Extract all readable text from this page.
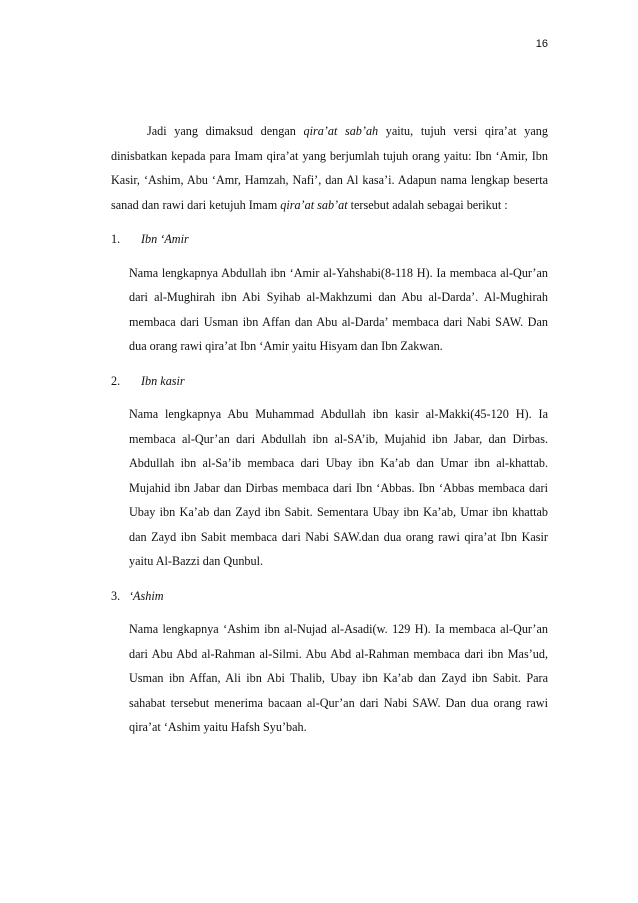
16

Jadi yang dimaksud dengan qira’at sab’ah yaitu, tujuh versi qira’at yang dinisbatkan kepada para Imam qira’at yang berjumlah tujuh orang yaitu: Ibn ‘Amir, Ibn Kasir, ‘Ashim, Abu ‘Amr, Hamzah, Nafi’, dan Al kasa’i. Adapun nama lengkap beserta sanad dan rawi dari ketujuh Imam qira’at sab’at tersebut adalah sebagai berikut :

1. Ibn ‘Amir

Nama lengkapnya Abdullah ibn ‘Amir al-Yahshabi(8-118 H). Ia membaca al-Qur’an dari al-Mughirah ibn Abi Syihab al-Makhzumi dan Abu al-Darda’. Al-Mughirah membaca dari Usman ibn Affan dan Abu al-Darda’ membaca dari Nabi SAW. Dan dua orang rawi qira’at Ibn ‘Amir yaitu Hisyam dan Ibn Zakwan.

2. Ibn kasir

Nama lengkapnya Abu Muhammad Abdullah ibn kasir al-Makki(45-120 H). Ia membaca al-Qur’an dari Abdullah ibn al-SA’ib, Mujahid ibn Jabar, dan Dirbas. Abdullah ibn al-Sa’ib membaca dari Ubay ibn Ka’ab dan Umar ibn al-khattab. Mujahid ibn Jabar dan Dirbas membaca dari Ibn ‘Abbas. Ibn ‘Abbas membaca dari Ubay ibn Ka’ab dan Zayd ibn Sabit. Sementara Ubay ibn Ka’ab, Umar ibn khattab dan Zayd ibn Sabit membaca dari Nabi SAW.dan dua orang rawi qira’at Ibn Kasir yaitu Al-Bazzi dan Qunbul.

3. ‘Ashim

Nama lengkapnya ‘Ashim ibn al-Nujad al-Asadi(w. 129 H). Ia membaca al-Qur’an dari Abu Abd al-Rahman al-Silmi. Abu Abd al-Rahman membaca dari ibn Mas’ud, Usman ibn Affan, Ali ibn Abi Thalib, Ubay ibn Ka’ab dan Zayd ibn Sabit. Para sahabat tersebut menerima bacaan al-Qur’an dari Nabi SAW. Dan dua orang rawi qira’at ‘Ashim yaitu Hafsh Syu’bah.
